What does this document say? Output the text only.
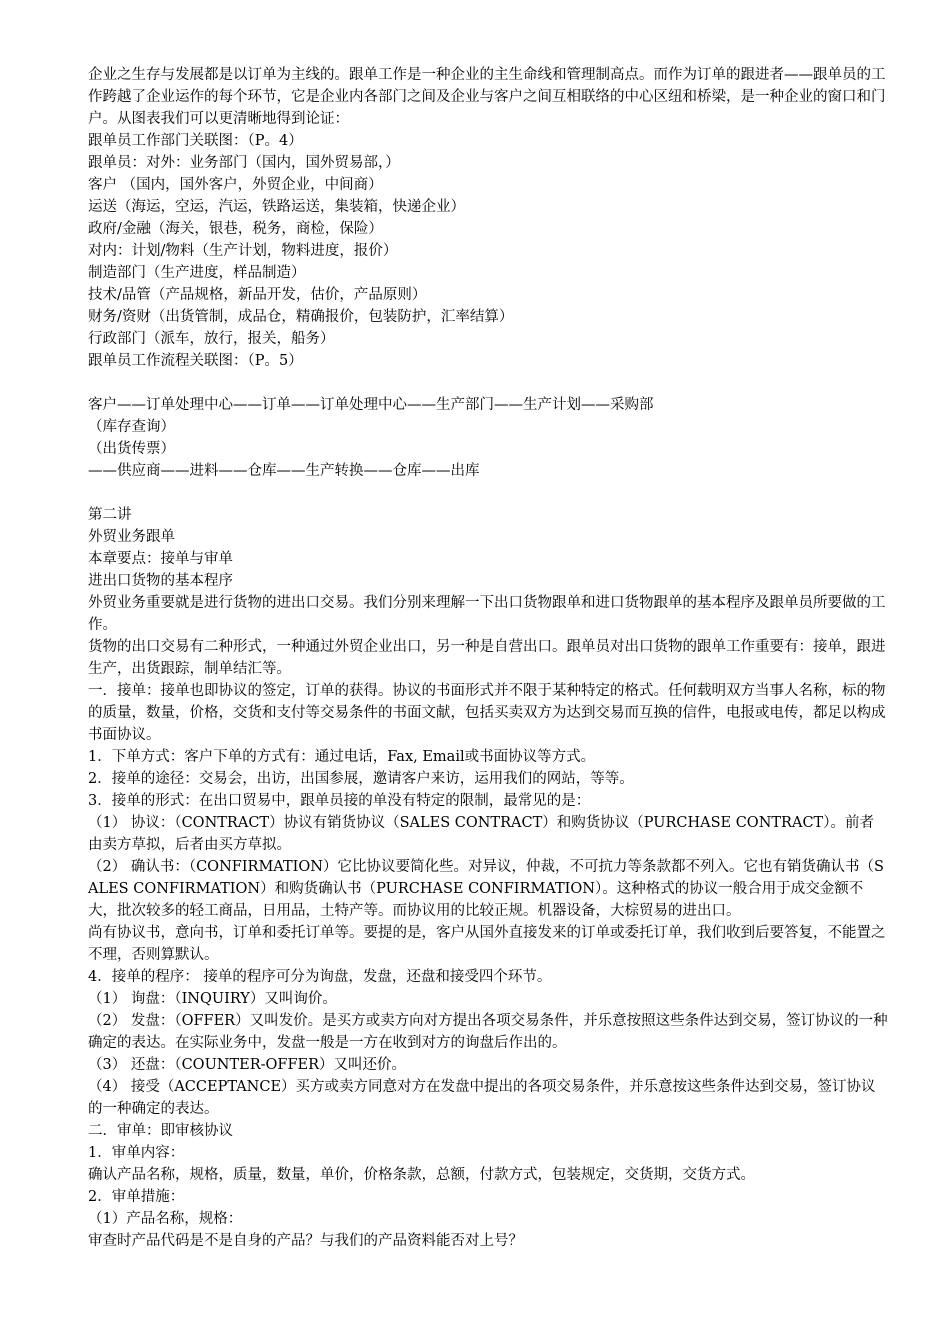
企业之生存与发展都是以订单为主线的。跟单工作是一种企业的主生命线和管理制高点。而作为订单的跟进者——跟单员的工作跨越了企业运作的每个环节，它是企业内各部门之间及企业与客户之间互相联络的中心区纽和桥梁，是一种企业的窗口和门户。从图表我们可以更清晰地得到论证：

跟单员工作部门关联图：（P。4）

跟单员：对外：业务部门（国内，国外贸易部，）

客户 （国内，国外客户，外贸企业，中间商）

运送（海运，空运，汽运，铁路运送，集装箱，快递企业）

政府/金融（海关，银巷，税务，商检，保险）

对内：计划/物料（生产计划，物料进度，报价）

制造部门（生产进度，样品制造）

技术/品管（产品规格，新品开发，估价，产品原则）

财务/资财（出货管制，成品仓，精确报价，包装防护，汇率结算）

行政部门（派车，放行，报关，船务）

跟单员工作流程关联图：（P。5）

客户——订单处理中心——订单——订单处理中心——生产部门——生产计划——采购部

（库存查询）

（出货传票）

——供应商——进料——仓库——生产转换——仓库——出库

第二讲

外贸业务跟单

本章要点：接单与审单

进出口货物的基本程序

外贸业务重要就是进行货物的进出口交易。我们分别来理解一下出口货物跟单和进口货物跟单的基本程序及跟单员所要做的工作。

货物的出口交易有二种形式，一种通过外贸企业出口，另一种是自营出口。跟单员对出口货物的跟单工作重要有：接单，跟进生产，出货跟踪，制单结汇等。

一．接单：接单也即协议的签定，订单的获得。协议的书面形式并不限于某种特定的格式。任何载明双方当事人名称，标的物的质量，数量，价格，交货和支付等交易条件的书面文献，包括买卖双方为达到交易而互换的信件，电报或电传，都足以构成书面协议。

1．下单方式：客户下单的方式有：通过电话，Fax, Email或书面协议等方式。

2．接单的途径：交易会，出访，出国参展，邀请客户来访，运用我们的网站，等等。

3．接单的形式：在出口贸易中，跟单员接的单没有特定的限制，最常见的是：

（1） 协议：（CONTRACT）协议有销货协议（SALES CONTRACT）和购货协议（PURCHASE CONTRACT）。前者由卖方草拟，后者由买方草拟。

（2） 确认书：（CONFIRMATION）它比协议要简化些。对异议，仲裁，不可抗力等条款都不列入。它也有销货确认书（SALES CONFIRMATION）和购货确认书（PURCHASE CONFIRMATION）。这种格式的协议一般合用于成交金额不大，批次较多的轻工商品，日用品，土特产等。而协议用的比较正规。机器设备，大棕贸易的进出口。

尚有协议书，意向书，订单和委托订单等。要提的是，客户从国外直接发来的订单或委托订单，我们收到后要答复，不能置之不理，否则算默认。

4．接单的程序： 接单的程序可分为询盘，发盘，还盘和接受四个环节。

（1） 询盘：（INQUIRY）又叫询价。

（2） 发盘：（OFFER）又叫发价。是买方或卖方向对方提出各项交易条件，并乐意按照这些条件达到交易，签订协议的一种确定的表达。在实际业务中，发盘一般是一方在收到对方的询盘后作出的。

（3） 还盘：（COUNTER-OFFER）又叫还价。

（4） 接受（ACCEPTANCE）买方或卖方同意对方在发盘中提出的各项交易条件，并乐意按这些条件达到交易，签订协议的一种确定的表达。

二．审单：即审核协议

1．审单内容：

确认产品名称，规格，质量，数量，单价，价格条款，总额，付款方式，包装规定，交货期，交货方式。

2．审单措施：

（1）产品名称，规格：

审查时产品代码是不是自身的产品？与我们的产品资料能否对上号？
